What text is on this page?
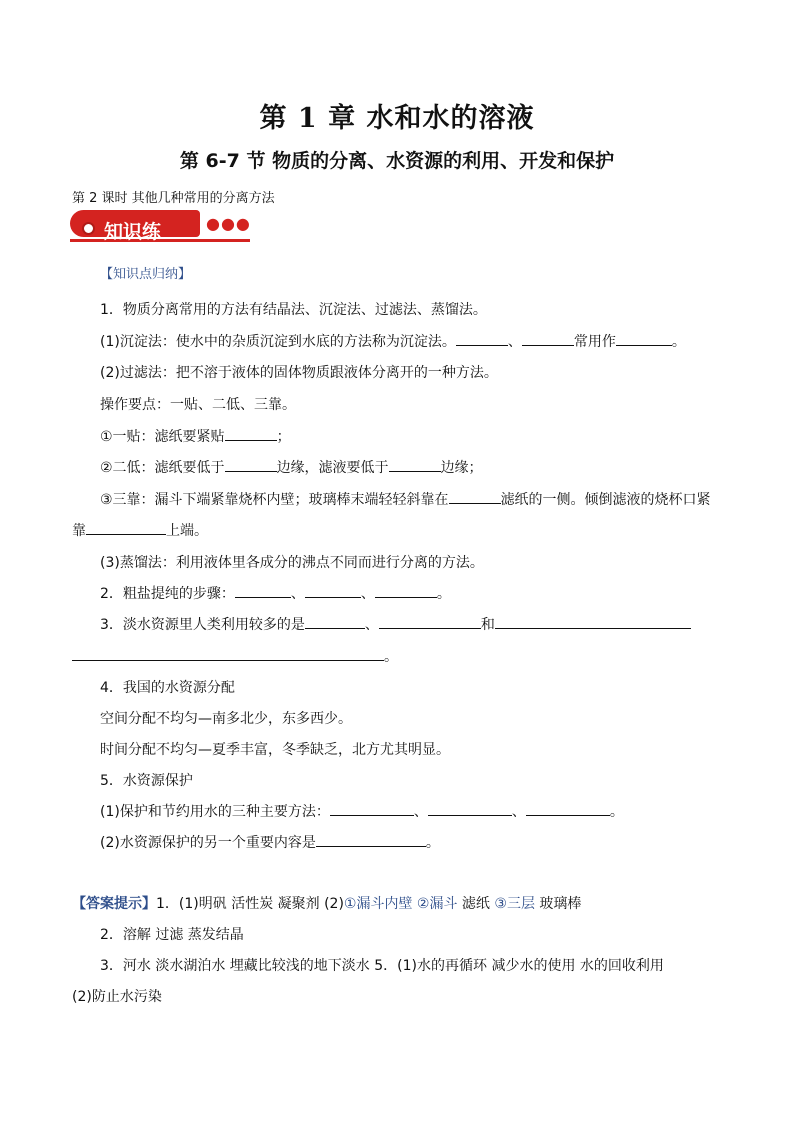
第 1 章 水和水的溶液
第 6-7 节 物质的分离、水资源的利用、开发和保护
第 2 课时 其他几种常用的分离方法
知识练	●●●
【知识点归纳】
1．物质分离常用的方法有结晶法、沉淀法、过滤法、蒸馏法。
(1)沉淀法：使水中的杂质沉淀到水底的方法称为沉淀法。	、	常用作	。
(2)过滤法：把不溶于液体的固体物质跟液体分离开的一种方法。
操作要点：一贴、二低、三靠。
①一贴：滤纸要紧贴	；
②二低：滤纸要低于	边缘，滤液要低于	边缘；
③三靠：漏斗下端紧靠烧杯内壁；玻璃棒末端轻轻斜靠在	滤纸的一侧。倾倒滤液的烧杯口紧
靠	上端。
(3)蒸馏法：利用液体里各成分的沸点不同而进行分离的方法。
2．粗盐提纯的步骤：	、	、	。
3．淡水资源里人类利用较多的是	、	和
。
4．我国的水资源分配
空间分配不均匀—南多北少，东多西少。
时间分配不均匀—夏季丰富，冬季缺乏，北方尤其明显。
5．水资源保护
(1)保护和节约用水的三种主要方法：	、	、	。
(2)水资源保护的另一个重要内容是	。
【答案提示】1．(1)明矾 活性炭 凝聚剂 (2)①漏斗内壁 ②漏斗 滤纸 ③三层 玻璃棒
2．溶解 过滤 蒸发结晶
3．河水 淡水湖泊水 埋藏比较浅的地下淡水 5．(1)水的再循环 减少水的使用 水的回收利用
(2)防止水污染
